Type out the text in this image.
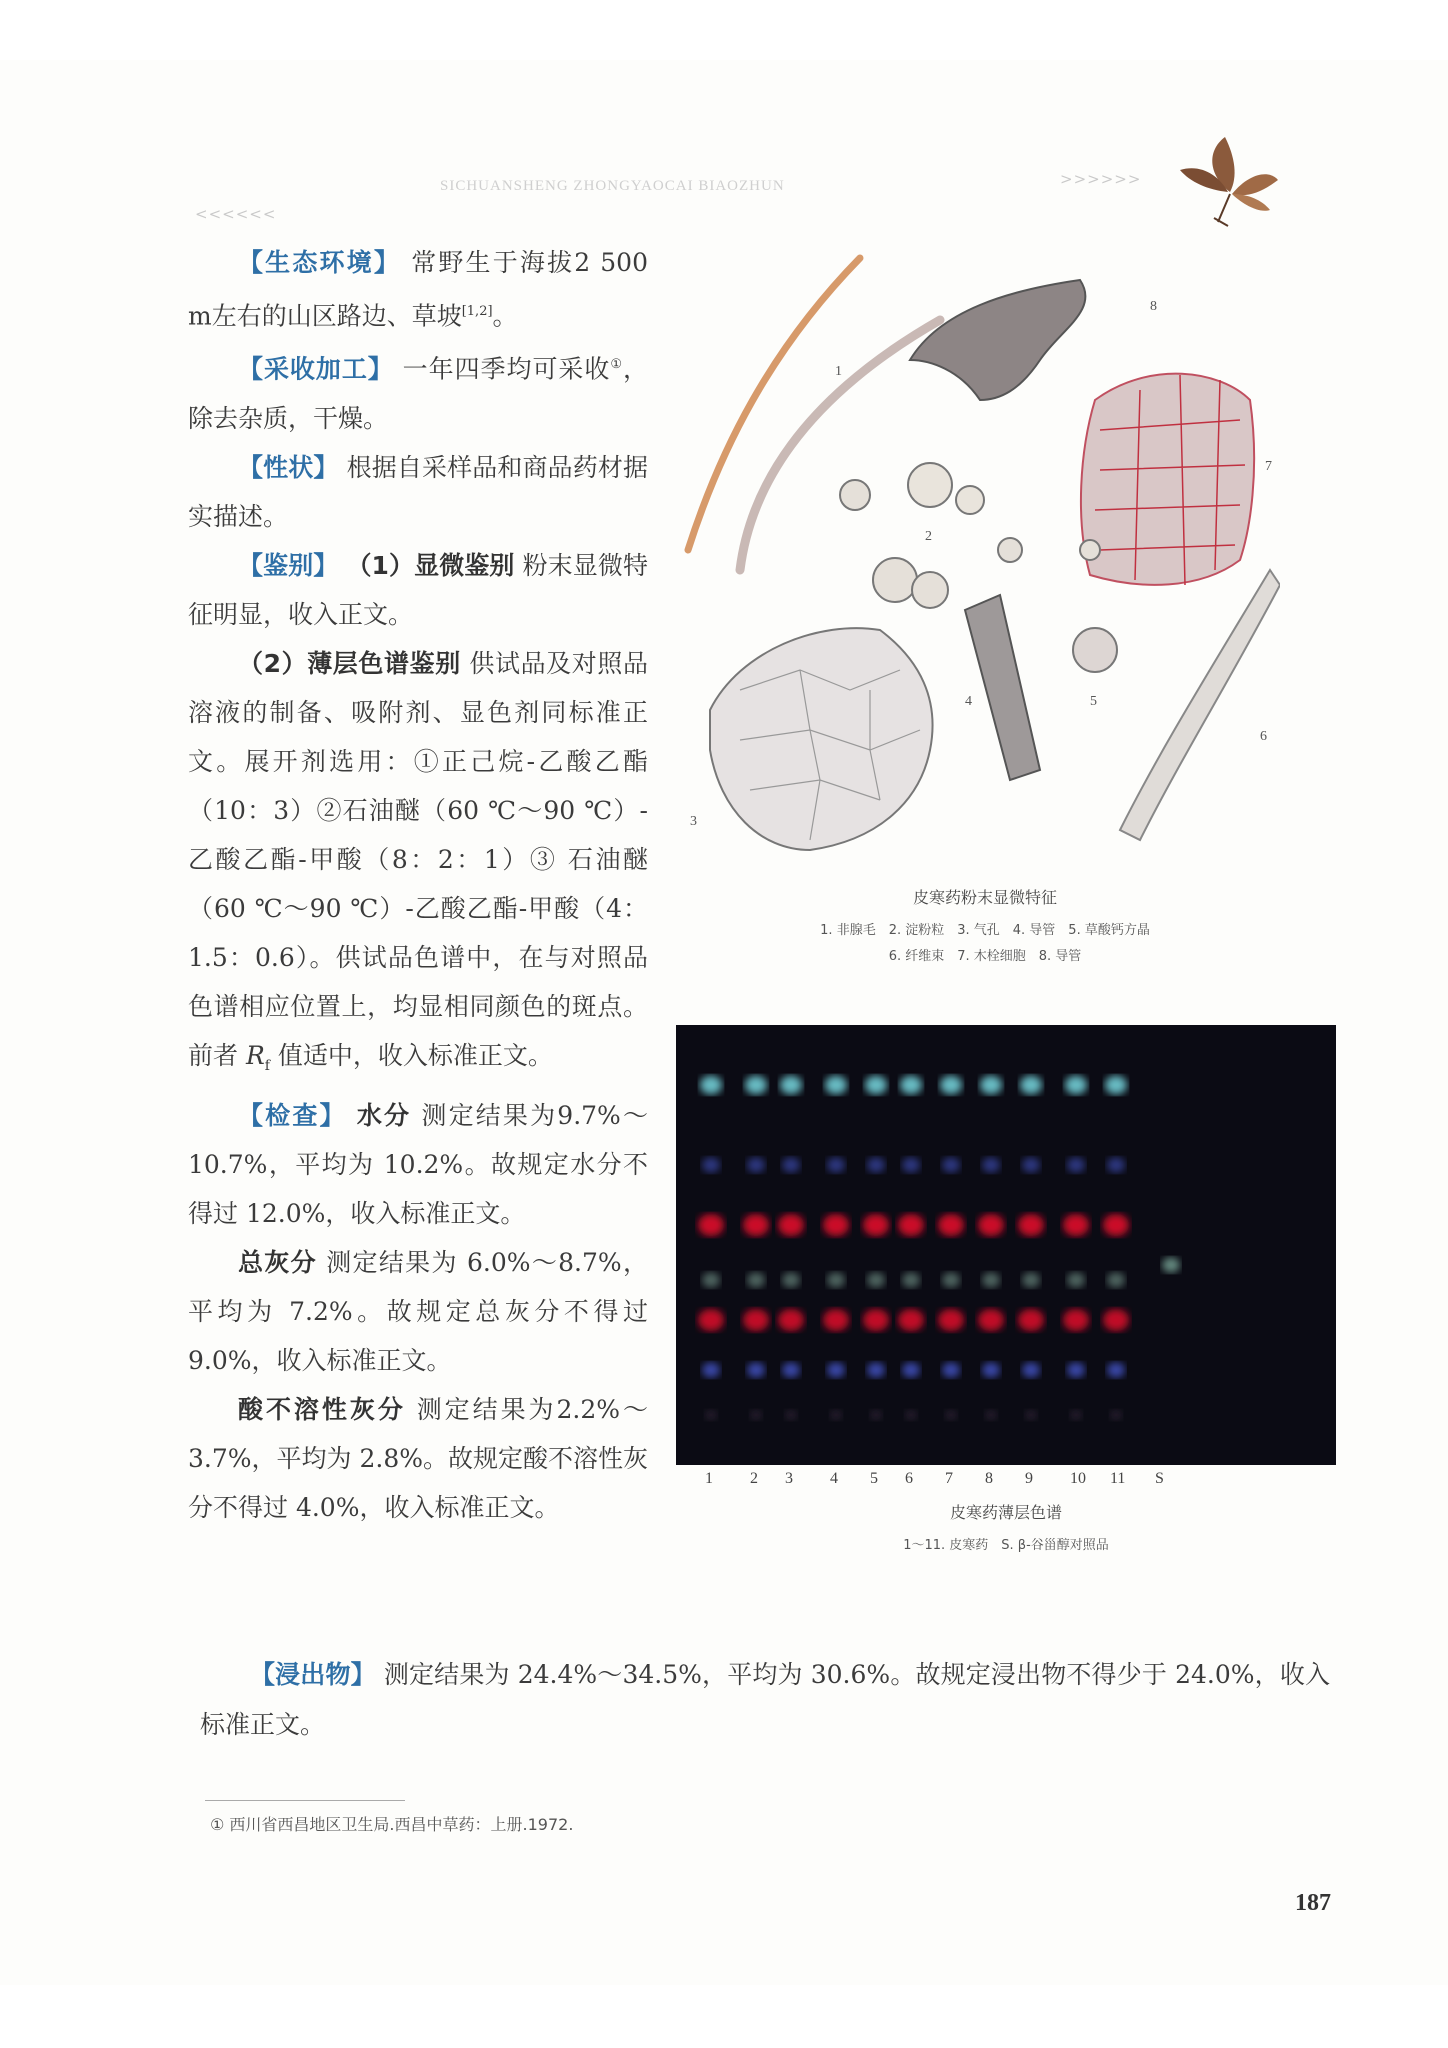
<<<<<<
SICHUANSHENG ZHONGYAOCAI BIAOZHUN	>>>>>>

【生态环境】 常野生于海拔2 500 m左右的山区路边、草坡[1,2]。

【采收加工】 一年四季均可采收①，除去杂质，干燥。

【性状】 根据自采样品和商品药材据实描述。

【鉴别】 （1）显微鉴别 粉末显微特征明显，收入正文。

（2）薄层色谱鉴别 供试品及对照品溶液的制备、吸附剂、显色剂同标准正文。展开剂选用：①正己烷-乙酸乙酯（10：3）②石油醚（60 ℃～90 ℃）-乙酸乙酯-甲酸（8：2：1）③ 石油醚（60 ℃～90 ℃）-乙酸乙酯-甲酸（4：1.5：0.6）。供试品色谱中，在与对照品色谱相应位置上，均显相同颜色的斑点。前者 $R_f$ 值适中，收入标准正文。

【检查】 水分 测定结果为9.7%～10.7%，平均为 10.2%。故规定水分不得过 12.0%，收入标准正文。

总灰分 测定结果为 6.0%～8.7%，平均为 7.2%。故规定总灰分不得过 9.0%，收入标准正文。

酸不溶性灰分 测定结果为2.2%～3.7%，平均为 2.8%。故规定酸不溶性灰分不得过 4.0%，收入标准正文。

【浸出物】 测定结果为 24.4%～34.5%，平均为 30.6%。故规定浸出物不得少于 24.0%，收入标准正文。

1
8
7
2
4	5
6
3
皮寒药粉末显微特征
1. 非腺毛　2. 淀粉粒　3. 气孔　4. 导管　5. 草酸钙方晶
6. 纤维束　7. 木栓细胞　8. 导管
1 2 3 4 5 6 7 8 9 10 11 S
皮寒药薄层色谱
1～11. 皮寒药　S. β-谷甾醇对照品
① 西川省西昌地区卫生局.西昌中草药：上册.1972.
187
